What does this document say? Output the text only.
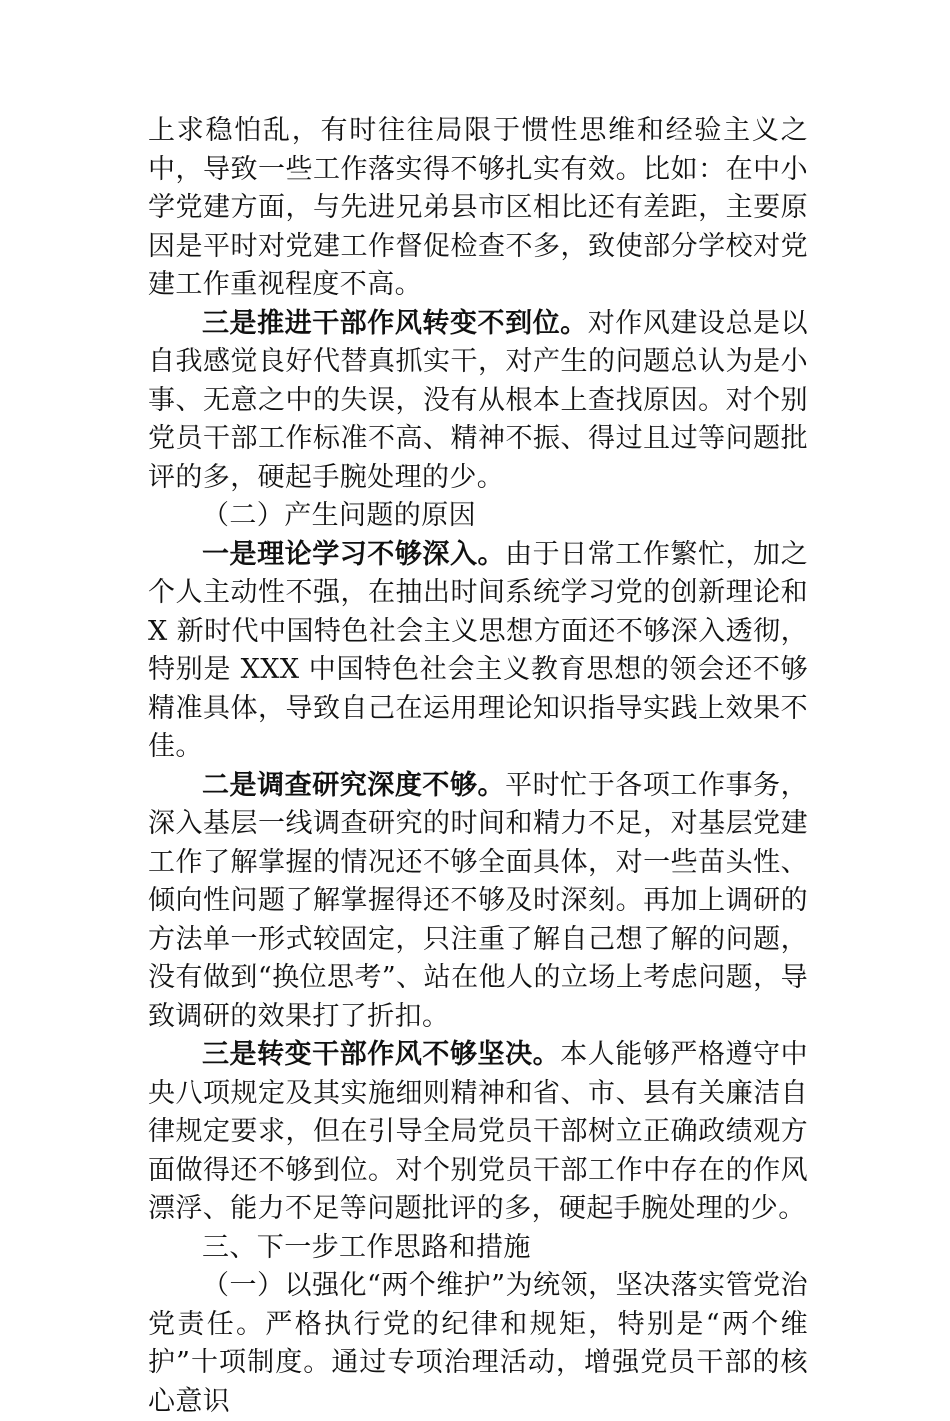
上求稳怕乱，有时往往局限于惯性思维和经验主义之中，导致一些工作落实得不够扎实有效。比如：在中小学党建方面，与先进兄弟县市区相比还有差距，主要原因是平时对党建工作督促检查不多，致使部分学校对党建工作重视程度不高。

三是推进干部作风转变不到位。对作风建设总是以自我感觉良好代替真抓实干，对产生的问题总认为是小事、无意之中的失误，没有从根本上查找原因。对个别党员干部工作标准不高、精神不振、得过且过等问题批评的多，硬起手腕处理的少。

（二）产生问题的原因

一是理论学习不够深入。由于日常工作繁忙，加之个人主动性不强，在抽出时间系统学习党的创新理论和 X 新时代中国特色社会主义思想方面还不够深入透彻，特别是 XXX 中国特色社会主义教育思想的领会还不够精准具体，导致自己在运用理论知识指导实践上效果不佳。

二是调查研究深度不够。平时忙于各项工作事务，深入基层一线调查研究的时间和精力不足，对基层党建工作了解掌握的情况还不够全面具体，对一些苗头性、倾向性问题了解掌握得还不够及时深刻。再加上调研的方法单一形式较固定，只注重了解自己想了解的问题，没有做到“换位思考”、站在他人的立场上考虑问题，导致调研的效果打了折扣。

三是转变干部作风不够坚决。本人能够严格遵守中央八项规定及其实施细则精神和省、市、县有关廉洁自律规定要求，但在引导全局党员干部树立正确政绩观方面做得还不够到位。对个别党员干部工作中存在的作风漂浮、能力不足等问题批评的多，硬起手腕处理的少。

三、下一步工作思路和措施

（一）以强化“两个维护”为统领，坚决落实管党治党责任。严格执行党的纪律和规矩，特别是“两个维护”十项制度。通过专项治理活动，增强党员干部的核心意识
